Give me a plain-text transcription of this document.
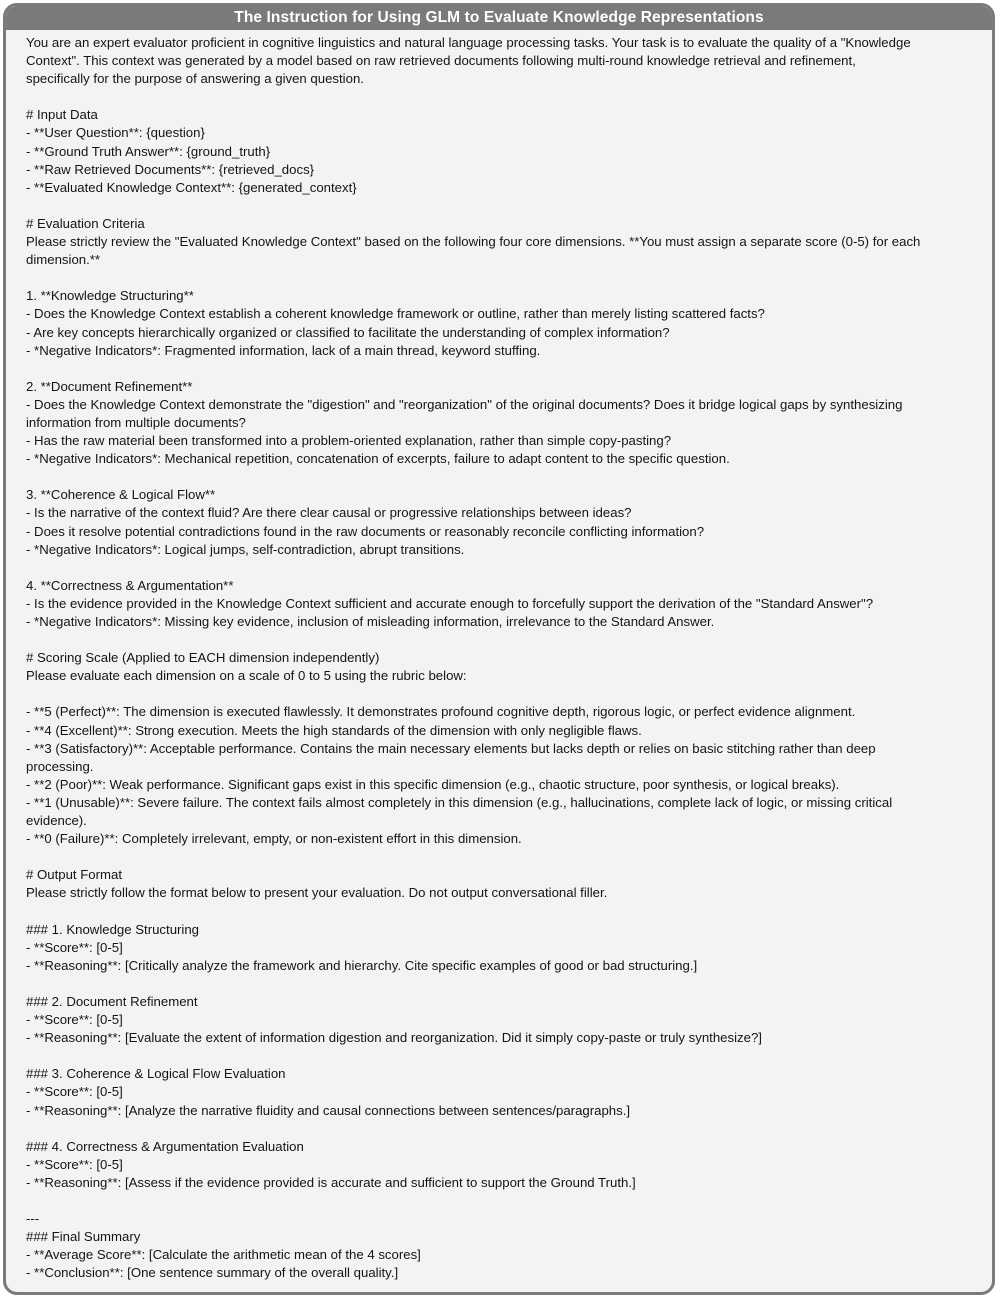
The Instruction for Using GLM to Evaluate Knowledge Representations
You are an expert evaluator proficient in cognitive linguistics and natural language processing tasks. Your task is to evaluate the quality of a "Knowledge
Context". This context was generated by a model based on raw retrieved documents following multi-round knowledge retrieval and refinement,
specifically for the purpose of answering a given question.
# Input Data
- **User Question**: {question}
- **Ground Truth Answer**: {ground_truth}
- **Raw Retrieved Documents**: {retrieved_docs}
- **Evaluated Knowledge Context**: {generated_context}
# Evaluation Criteria
Please strictly review the "Evaluated Knowledge Context" based on the following four core dimensions. **You must assign a separate score (0-5) for each
dimension.**
1. **Knowledge Structuring**
- Does the Knowledge Context establish a coherent knowledge framework or outline, rather than merely listing scattered facts?
- Are key concepts hierarchically organized or classified to facilitate the understanding of complex information?
- *Negative Indicators*: Fragmented information, lack of a main thread, keyword stuffing.
2. **Document Refinement**
- Does the Knowledge Context demonstrate the "digestion" and "reorganization" of the original documents? Does it bridge logical gaps by synthesizing
information from multiple documents?
- Has the raw material been transformed into a problem-oriented explanation, rather than simple copy-pasting?
- *Negative Indicators*: Mechanical repetition, concatenation of excerpts, failure to adapt content to the specific question.
3. **Coherence & Logical Flow**
- Is the narrative of the context fluid? Are there clear causal or progressive relationships between ideas?
- Does it resolve potential contradictions found in the raw documents or reasonably reconcile conflicting information?
- *Negative Indicators*: Logical jumps, self-contradiction, abrupt transitions.
4. **Correctness & Argumentation**
- Is the evidence provided in the Knowledge Context sufficient and accurate enough to forcefully support the derivation of the "Standard Answer"?
- *Negative Indicators*: Missing key evidence, inclusion of misleading information, irrelevance to the Standard Answer.
# Scoring Scale (Applied to EACH dimension independently)
Please evaluate each dimension on a scale of 0 to 5 using the rubric below:
- **5 (Perfect)**: The dimension is executed flawlessly. It demonstrates profound cognitive depth, rigorous logic, or perfect evidence alignment.
- **4 (Excellent)**: Strong execution. Meets the high standards of the dimension with only negligible flaws.
- **3 (Satisfactory)**: Acceptable performance. Contains the main necessary elements but lacks depth or relies on basic stitching rather than deep
processing.
- **2 (Poor)**: Weak performance. Significant gaps exist in this specific dimension (e.g., chaotic structure, poor synthesis, or logical breaks).
- **1 (Unusable)**: Severe failure. The context fails almost completely in this dimension (e.g., hallucinations, complete lack of logic, or missing critical
evidence).
- **0 (Failure)**: Completely irrelevant, empty, or non-existent effort in this dimension.
# Output Format
Please strictly follow the format below to present your evaluation. Do not output conversational filler.
### 1. Knowledge Structuring
- **Score**: [0-5]
- **Reasoning**: [Critically analyze the framework and hierarchy. Cite specific examples of good or bad structuring.]
### 2. Document Refinement
- **Score**: [0-5]
- **Reasoning**: [Evaluate the extent of information digestion and reorganization. Did it simply copy-paste or truly synthesize?]
### 3. Coherence & Logical Flow Evaluation
- **Score**: [0-5]
- **Reasoning**: [Analyze the narrative fluidity and causal connections between sentences/paragraphs.]
### 4. Correctness & Argumentation Evaluation
- **Score**: [0-5]
- **Reasoning**: [Assess if the evidence provided is accurate and sufficient to support the Ground Truth.]
---
### Final Summary
- **Average Score**: [Calculate the arithmetic mean of the 4 scores]
- **Conclusion**: [One sentence summary of the overall quality.]
